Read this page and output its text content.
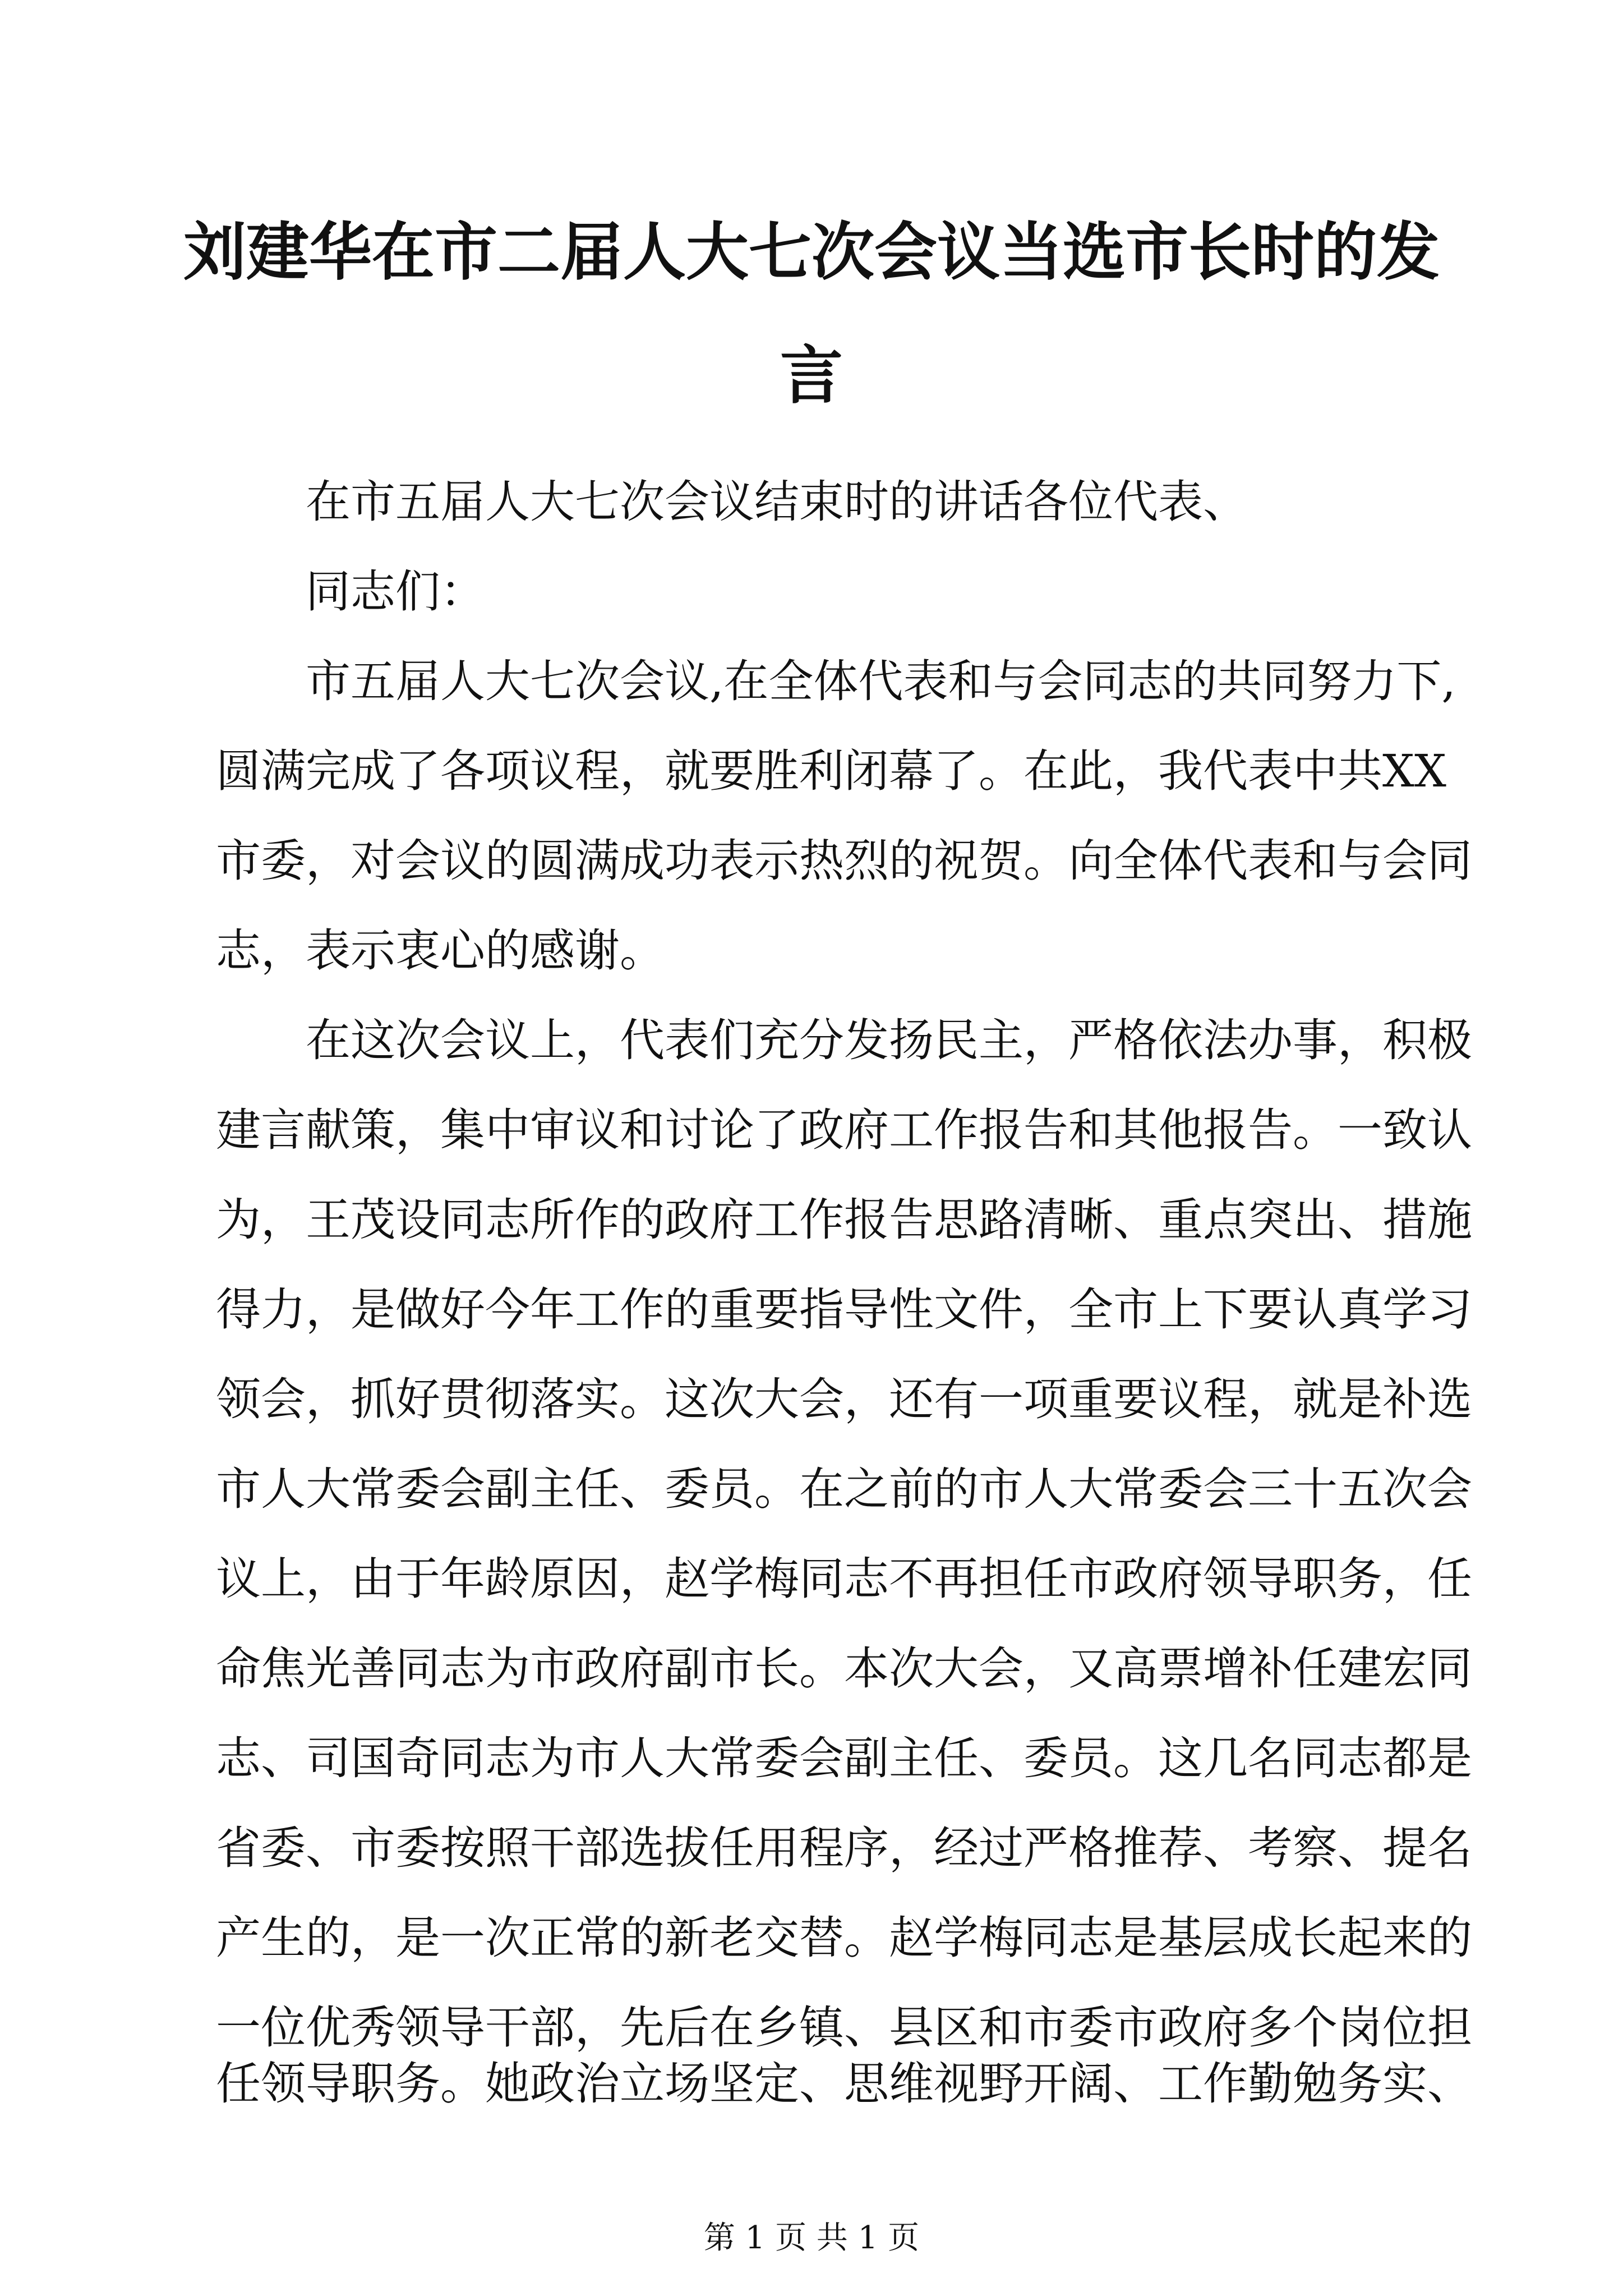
刘建华在市二届人大七次会议当选市长时的发
言
在市五届人大七次会议结束时的讲话各位代表、
同志们：
市五届人大七次会议,在全体代表和与会同志的共同努力下,
圆满完成了各项议程，就要胜利闭幕了。在此，我代表中共XX
市委，对会议的圆满成功表示热烈的祝贺。向全体代表和与会同
志，表示衷心的感谢。
在这次会议上，代表们充分发扬民主，严格依法办事，积极
建言献策，集中审议和讨论了政府工作报告和其他报告。一致认
为，王茂设同志所作的政府工作报告思路清晰、重点突出、措施
得力，是做好今年工作的重要指导性文件，全市上下要认真学习
领会，抓好贯彻落实。这次大会，还有一项重要议程，就是补选
市人大常委会副主任、委员。在之前的市人大常委会三十五次会
议上，由于年龄原因，赵学梅同志不再担任市政府领导职务，任
命焦光善同志为市政府副市长。本次大会，又高票增补任建宏同
志、司国奇同志为市人大常委会副主任、委员。这几名同志都是
省委、市委按照干部选拔任用程序，经过严格推荐、考察、提名
产生的，是一次正常的新老交替。赵学梅同志是基层成长起来的
一位优秀领导干部，先后在乡镇、县区和市委市政府多个岗位担
任领导职务。她政治立场坚定、思维视野开阔、工作勤勉务实、
第 1 页 共 1 页
